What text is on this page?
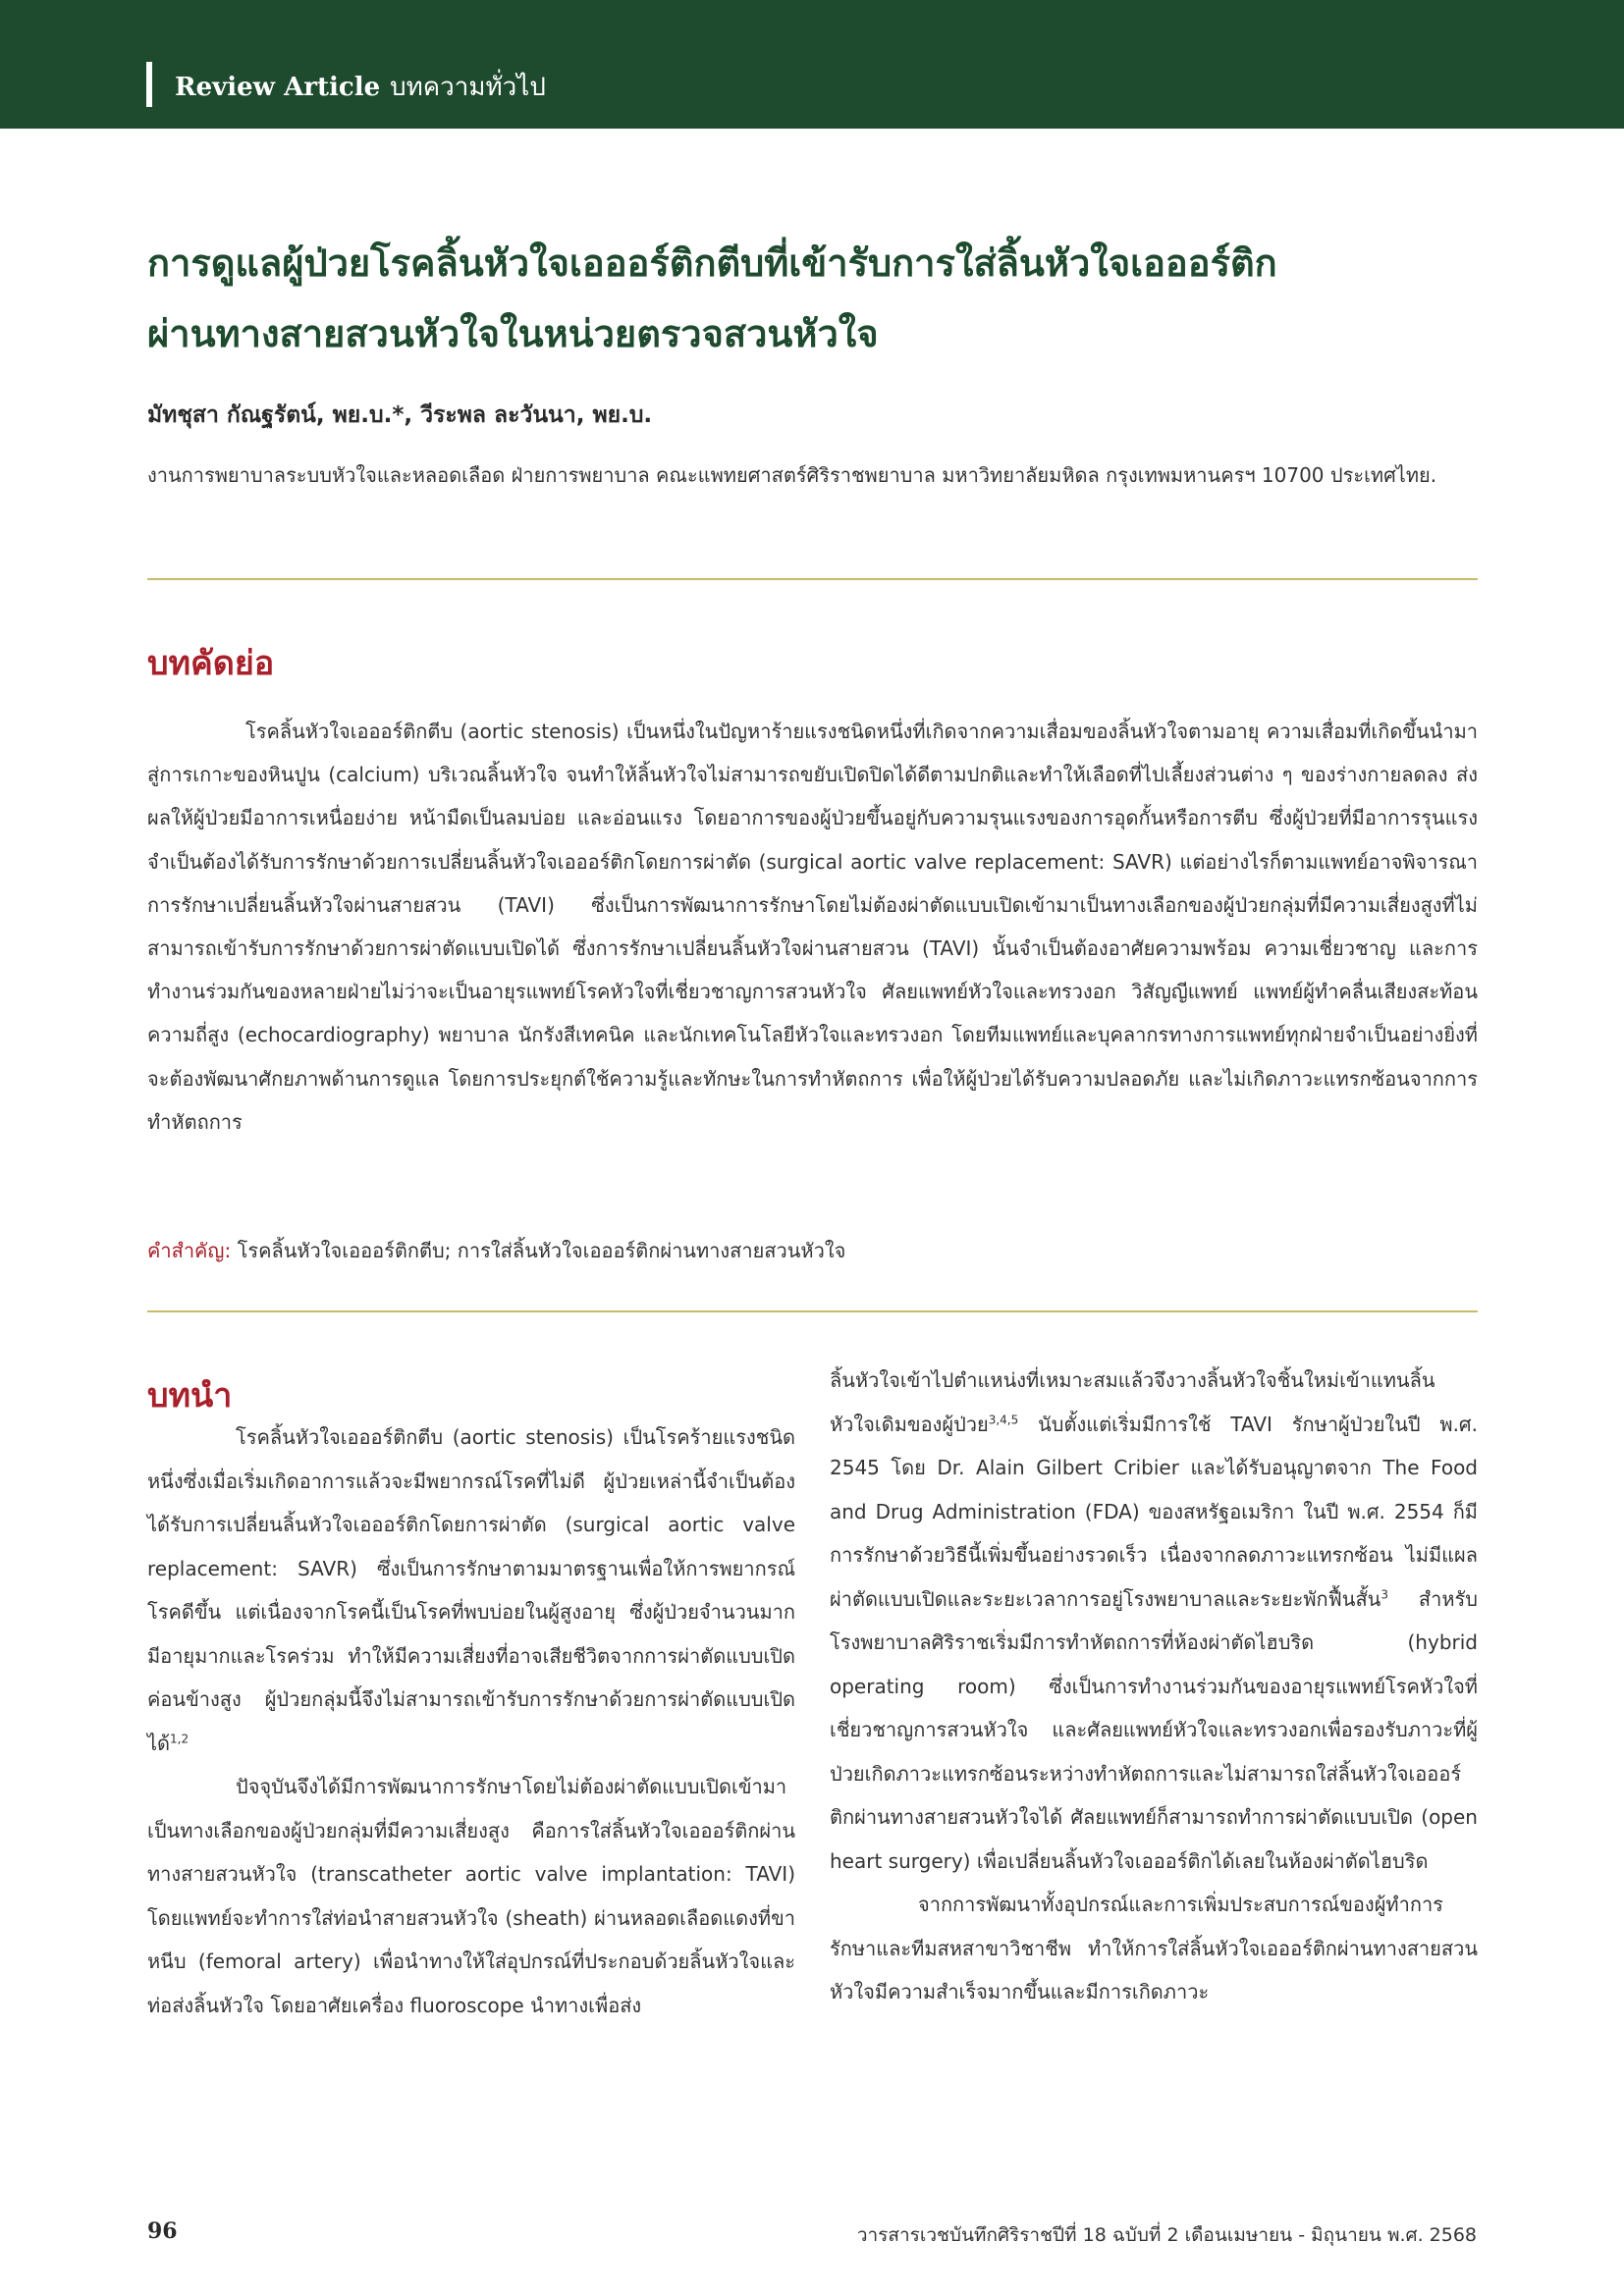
Review Article บทความทั่วไป
การดูแลผู้ป่วยโรคลิ้นหัวใจเอออร์ติกตีบที่เข้ารับการใส่ลิ้นหัวใจเอออร์ติก
ผ่านทางสายสวนหัวใจในหน่วยตรวจสวนหัวใจ
มัทชุสา กัณฐรัตน์, พย.บ.*, วีระพล ละวันนา, พย.บ.
งานการพยาบาลระบบหัวใจและหลอดเลือด ฝ่ายการพยาบาล คณะแพทยศาสตร์ศิริราชพยาบาล มหาวิทยาลัยมหิดล กรุงเทพมหานครฯ 10700 ประเทศไทย.
บทคัดย่อ

โรคลิ้นหัวใจเอออร์ติกตีบ (aortic stenosis) เป็นหนึ่งในปัญหาร้ายแรงชนิดหนึ่งที่เกิดจากความเสื่อมของลิ้นหัวใจตามอายุ ความเสื่อมที่เกิดขึ้นนำมาสู่การเกาะของหินปูน (calcium) บริเวณลิ้นหัวใจ จนทำให้ลิ้นหัวใจไม่สามารถขยับเปิดปิดได้ดีตามปกติและทำให้เลือดที่ไปเลี้ยงส่วนต่าง ๆ ของร่างกายลดลง ส่งผลให้ผู้ป่วยมีอาการเหนื่อยง่าย หน้ามืดเป็นลมบ่อย และอ่อนแรง โดยอาการของผู้ป่วยขึ้นอยู่กับความรุนแรงของการอุดกั้นหรือการตีบ ซึ่งผู้ป่วยที่มีอาการรุนแรง จำเป็นต้องได้รับการรักษาด้วยการเปลี่ยนลิ้นหัวใจเอออร์ติกโดยการผ่าตัด (surgical aortic valve replacement: SAVR) แต่อย่างไรก็ตามแพทย์อาจพิจารณาการรักษาเปลี่ยนลิ้นหัวใจผ่านสายสวน (TAVI) ซึ่งเป็นการพัฒนาการรักษาโดยไม่ต้องผ่าตัดแบบเปิดเข้ามาเป็นทางเลือกของผู้ป่วยกลุ่มที่มีความเสี่ยงสูงที่ไม่สามารถเข้ารับการรักษาด้วยการผ่าตัดแบบเปิดได้ ซึ่งการรักษาเปลี่ยนลิ้นหัวใจผ่านสายสวน (TAVI) นั้นจำเป็นต้องอาศัยความพร้อม ความเชี่ยวชาญ และการทำงานร่วมกันของหลายฝ่ายไม่ว่าจะเป็นอายุรแพทย์โรคหัวใจที่เชี่ยวชาญการสวนหัวใจ ศัลยแพทย์หัวใจและทรวงอก วิสัญญีแพทย์ แพทย์ผู้ทำคลื่นเสียงสะท้อนความถี่สูง (echocardiography) พยาบาล นักรังสีเทคนิค และนักเทคโนโลยีหัวใจและทรวงอก โดยทีมแพทย์และบุคลากรทางการแพทย์ทุกฝ่ายจำเป็นอย่างยิ่งที่จะต้องพัฒนาศักยภาพด้านการดูแล โดยการประยุกต์ใช้ความรู้และทักษะในการทำหัตถการ เพื่อให้ผู้ป่วยได้รับความปลอดภัย และไม่เกิดภาวะแทรกซ้อนจากการทำหัตถการ

คำสำคัญ: โรคลิ้นหัวใจเอออร์ติกตีบ; การใส่ลิ้นหัวใจเอออร์ติกผ่านทางสายสวนหัวใจ
บทนำ

โรคลิ้นหัวใจเอออร์ติกตีบ (aortic stenosis) เป็นโรคร้ายแรงชนิดหนึ่งซึ่งเมื่อเริ่มเกิดอาการแล้วจะมีพยากรณ์โรคที่ไม่ดี ผู้ป่วยเหล่านี้จำเป็นต้องได้รับการเปลี่ยนลิ้นหัวใจเอออร์ติกโดยการผ่าตัด (surgical aortic valve replacement: SAVR) ซึ่งเป็นการรักษาตามมาตรฐานเพื่อให้การพยากรณ์โรคดีขึ้น แต่เนื่องจากโรคนี้เป็นโรคที่พบบ่อยในผู้สูงอายุ ซึ่งผู้ป่วยจำนวนมากมีอายุมากและโรคร่วม ทำให้มีความเสี่ยงที่อาจเสียชีวิตจากการผ่าตัดแบบเปิดค่อนข้างสูง ผู้ป่วยกลุ่มนี้จึงไม่สามารถเข้ารับการรักษาด้วยการผ่าตัดแบบเปิดได้$^{1,2}$

ปัจจุบันจึงได้มีการพัฒนาการรักษาโดยไม่ต้องผ่าตัดแบบเปิดเข้ามาเป็นทางเลือกของผู้ป่วยกลุ่มที่มีความเสี่ยงสูง คือการใส่ลิ้นหัวใจเอออร์ติกผ่านทางสายสวนหัวใจ (transcatheter aortic valve implantation: TAVI) โดยแพทย์จะทำการใส่ท่อนำสายสวนหัวใจ (sheath) ผ่านหลอดเลือดแดงที่ขาหนีบ (femoral artery) เพื่อนำทางให้ใส่อุปกรณ์ที่ประกอบด้วยลิ้นหัวใจและท่อส่งลิ้นหัวใจ โดยอาศัยเครื่อง fluoroscope นำทางเพื่อส่ง

ลิ้นหัวใจเข้าไปตำแหน่งที่เหมาะสมแล้วจึงวางลิ้นหัวใจชิ้นใหม่เข้าแทนลิ้นหัวใจเดิมของผู้ป่วย$^{3,4,5}$ นับตั้งแต่เริ่มมีการใช้ TAVI รักษาผู้ป่วยในปี พ.ศ. 2545 โดย Dr. Alain Gilbert Cribier และได้รับอนุญาตจาก The Food and Drug Administration (FDA) ของสหรัฐอเมริกา ในปี พ.ศ. 2554 ก็มีการรักษาด้วยวิธีนี้เพิ่มขึ้นอย่างรวดเร็ว เนื่องจากลดภาวะแทรกซ้อน ไม่มีแผลผ่าตัดแบบเปิดและระยะเวลาการอยู่โรงพยาบาลและระยะพักฟื้นสั้น$^3$ สำหรับโรงพยาบาลศิริราชเริ่มมีการทำหัตถการที่ห้องผ่าตัดไฮบริด (hybrid operating room) ซึ่งเป็นการทำงานร่วมกันของอายุรแพทย์โรคหัวใจที่เชี่ยวชาญการสวนหัวใจ และศัลยแพทย์หัวใจและทรวงอกเพื่อรองรับภาวะที่ผู้ป่วยเกิดภาวะแทรกซ้อนระหว่างทำหัตถการและไม่สามารถใส่ลิ้นหัวใจเอออร์ติกผ่านทางสายสวนหัวใจได้ ศัลยแพทย์ก็สามารถทำการผ่าตัดแบบเปิด (open heart surgery) เพื่อเปลี่ยนลิ้นหัวใจเอออร์ติกได้เลยในห้องผ่าตัดไฮบริด

จากการพัฒนาทั้งอุปกรณ์และการเพิ่มประสบการณ์ของผู้ทำการรักษาและทีมสหสาขาวิชาชีพ ทำให้การใส่ลิ้นหัวใจเอออร์ติกผ่านทางสายสวนหัวใจมีความสำเร็จมากขึ้นและมีการเกิดภาวะ

96	วารสารเวชบันทึกศิริราชปีที่ 18 ฉบับที่ 2 เดือนเมษายน - มิถุนายน พ.ศ. 2568
